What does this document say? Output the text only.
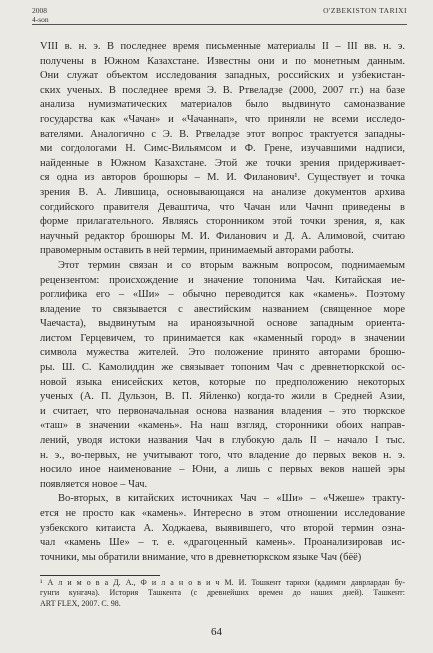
2008
4-son
O'ZBEKISTON TARIXI
VIII в. н. э. В последнее время письменные материалы II – III вв. н. э.
получены в Южном Казахстане. Известны они и по монетным данным.
Они служат объектом исследования западных, российских и узбекистан-
ских ученых. В последнее время Э. В. Ртвеладзе (2000, 2007 гг.) на базе
анализа нумизматических материалов было выдвинуто самоназвание
государства как «Чачан» и «Чачаннап», что приняли не всеми исследо-
вателями. Аналогично с Э. В. Ртвеладзе этот вопрос трактуется западны-
ми согдологами Н. Симс-Вильямсом и Ф. Гренe, изучавшими надписи,
найденные в Южном Казахстане. Этой же точки зрения придерживает-
ся одна из авторов брошюры – М. И. Филанович¹. Существует и точка
зрения В. А. Лившица, основывающаяся на анализе документов архива
согдийского правителя Деваштича, что Чачан или Чачнп приведены в
форме прилагательного. Являясь сторонником этой точки зрения, я, как
научный редактор брошюры М. И. Филанович и Д. А. Алимовой, считаю
правомерным оставить в ней термин, принимаемый авторами работы.
Этот термин связан и со вторым важным вопросом, поднимаемым
рецензентом: происхождение и значение топонима Чач. Китайская ие-
роглифика его – «Ши» – обычно переводится как «камень». Поэтому
владение то связывается с авестийским названием (священное море
Чаечаста), выдвинутым на ираноязычной основе западным ориента-
листом Герцевичем, то принимается как «каменный город» в значении
символа мужества жителей. Это положение принято авторами брошю-
ры. Ш. С. Камолиддин же связывает топоним Чач с древнетюркской ос-
новой языка енисейских кетов, которые по предположению некоторых
ученых (А. П. Дульзон, В. П. Яйленко) когда-то жили в Средней Азии,
и считает, что первоначальная основа названия владения – это тюркское
«таш» в значении «камень». На наш взгляд, сторонники обоих направ-
лений, уводя истоки названия Чач в глубокую даль II – начало I тыс.
н. э., во-первых, не учитывают того, что владение до первых веков н. э.
носило иное наименование – Юни, а лишь с первых веков нашей эры
появляется новое – Чач.
Во-вторых, в китайских источниках Чач – «Ши» – «Чжеше» тракту-
ется не просто как «камень». Интересно в этом отношении исследование
узбекского китаиста А. Ходжаева, выявившего, что второй термин озна-
чал «камень Ше» – т. е. «драгоценный камень». Проанализировав ис-
точники, мы обратили внимание, что в древнетюркском языке Чач (бёё)
¹ А л и м о в а Д. А., Ф и л а н о в и ч М. И. Тошкент тарихи (қадимги даврлардан бу-
гунги кунгача). История Ташкента (с древнейших времен до наших дней). Ташкент:
ART FLEX, 2007. С. 98.
64
